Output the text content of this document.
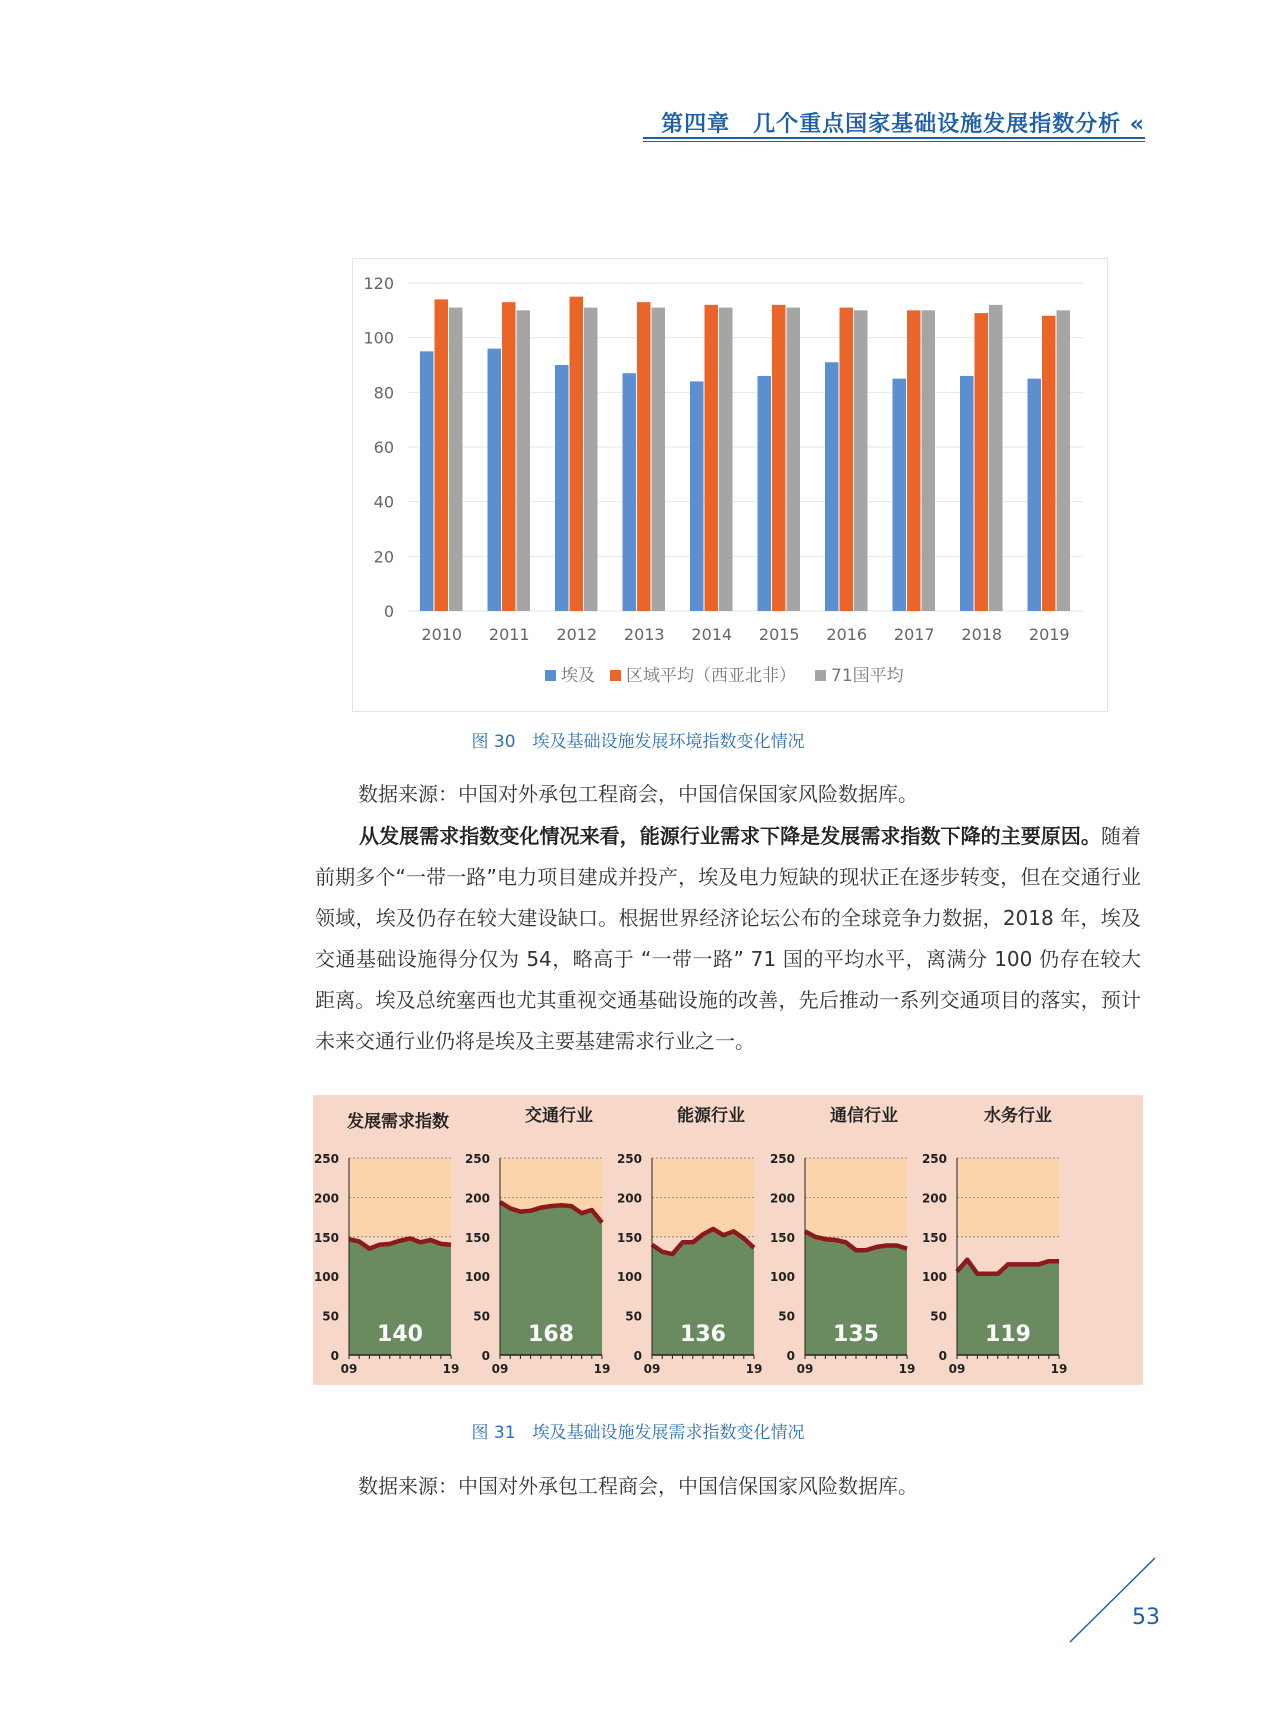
第四章　几个重点国家基础设施发展指数分析 «
0
20
40
60
80
100
120
2010 2011 2012 2013 2014 2015 2016 2017 2018 2019
埃及 区域平均（西亚北非） 71国平均
图 30　埃及基础设施发展环境指数变化情况
数据来源：中国对外承包工程商会，中国信保国家风险数据库。
从发展需求指数变化情况来看，能源行业需求下降是发展需求指数下降的主要原因。随着前期多个“一带一路”电力项目建成并投产，埃及电力短缺的现状正在逐步转变，但在交通行业领域，埃及仍存在较大建设缺口。根据世界经济论坛公布的全球竞争力数据，2018 年，埃及交通基础设施得分仅为 54，略高于 “一带一路” 71 国的平均水平，离满分 100 仍存在较大距离。埃及总统塞西也尤其重视交通基础设施的改善，先后推动一系列交通项目的落实，预计未来交通行业仍将是埃及主要基建需求行业之一。
0
50
100
150
200
250
09	19
140
发展需求指数
0
50
100
150
200
250
09	19
168
交通行业
0
50
100
150
200
250
09	19
136
能源行业
0
50
100
150
200
250
09	19
135
通信行业
0
50
100
150
200
250
09	19
119
水务行业
图 31　埃及基础设施发展需求指数变化情况
数据来源：中国对外承包工程商会，中国信保国家风险数据库。
53
